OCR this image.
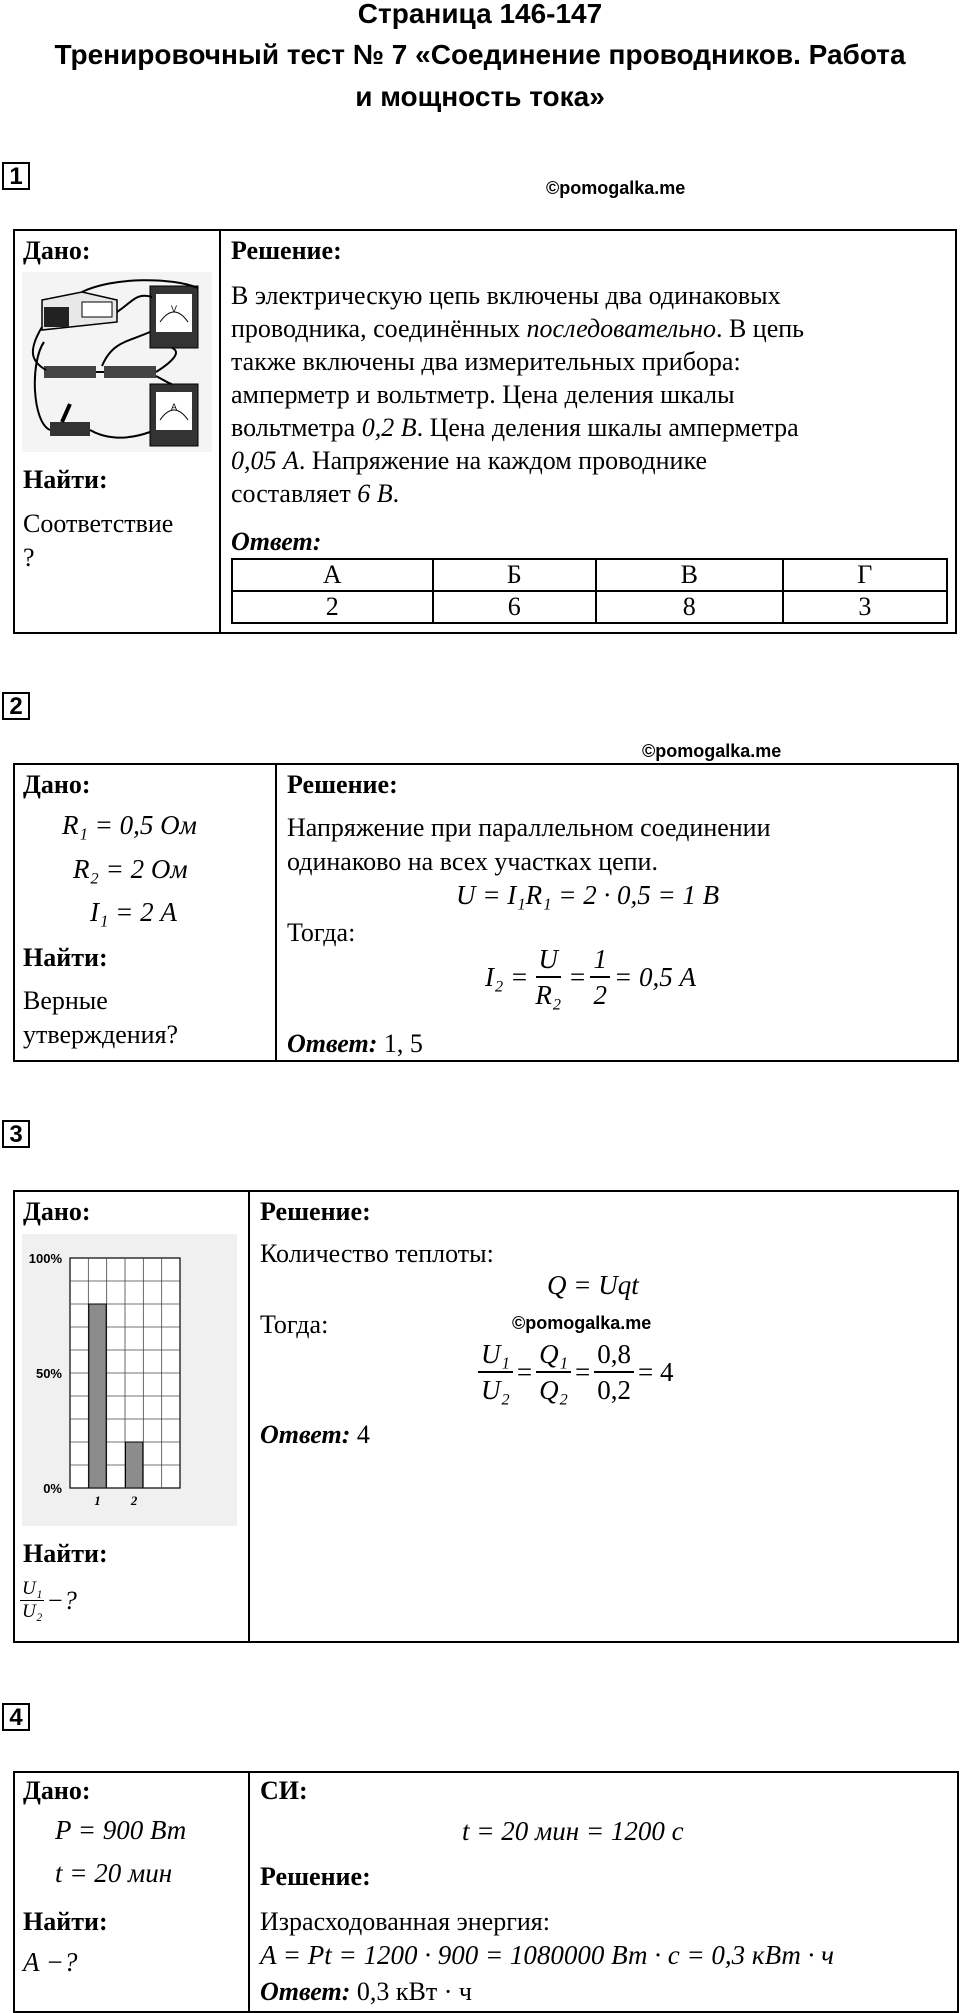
Страница 146-147
Тренировочный тест № 7 «Соединение проводников. Работа
и мощность тока»
1	©pomogalka.me
Дано:
V
A
Найти:
Соответствие
?
Решение:
В электрическую цепь включены два одинаковых
проводника, соединённых последовательно. В цепь
также включены два измерительных прибора:
амперметр и вольтметр. Цена деления шкалы
вольтметра 0,2 В. Цена деления шкалы амперметра
0,05 А. Напряжение на каждом проводнике
составляет 6 В.
Ответ:
А	Б	В	Г
2	6	8	3
2
©pomogalka.me
Дано:
R₁ = 0,5 Ом
R₂ = 2 Ом
I₁ = 2 А
Найти:
Верные
утверждения?
Решение:
Напряжение при параллельном соединении
одинаково на всех участках цепи.
U = I₁R₁ = 2 · 0,5 = 1 В
Тогда:
$I_2 = \frac{U}{\text{R₂}} = \frac{1}{2} = 0,5$ А
Ответ: 1, 5
3
Дано:
100%
50%
0%
1 2
Найти:
U₁
U₂ −?
Решение:
Количество теплоты:
Q = Uqt
Тогда:	©pomogalka.me
$\frac{\text{U₁}}{\text{U₂}} = \frac{\text{Q₁}}{\text{Q₂}} = \frac{0,8}{0,2} = 4$
Ответ: 4
4
Дано:
P = 900 Вт
t = 20 мин
Найти:
A −?
СИ:
t = 20 мин = 1200 с
Решение:
Израсходованная энергия:
A = Pt = 1200 · 900 = 1080000 Вт · с = 0,3 кВт · ч
Ответ: 0,3 кВт · ч
